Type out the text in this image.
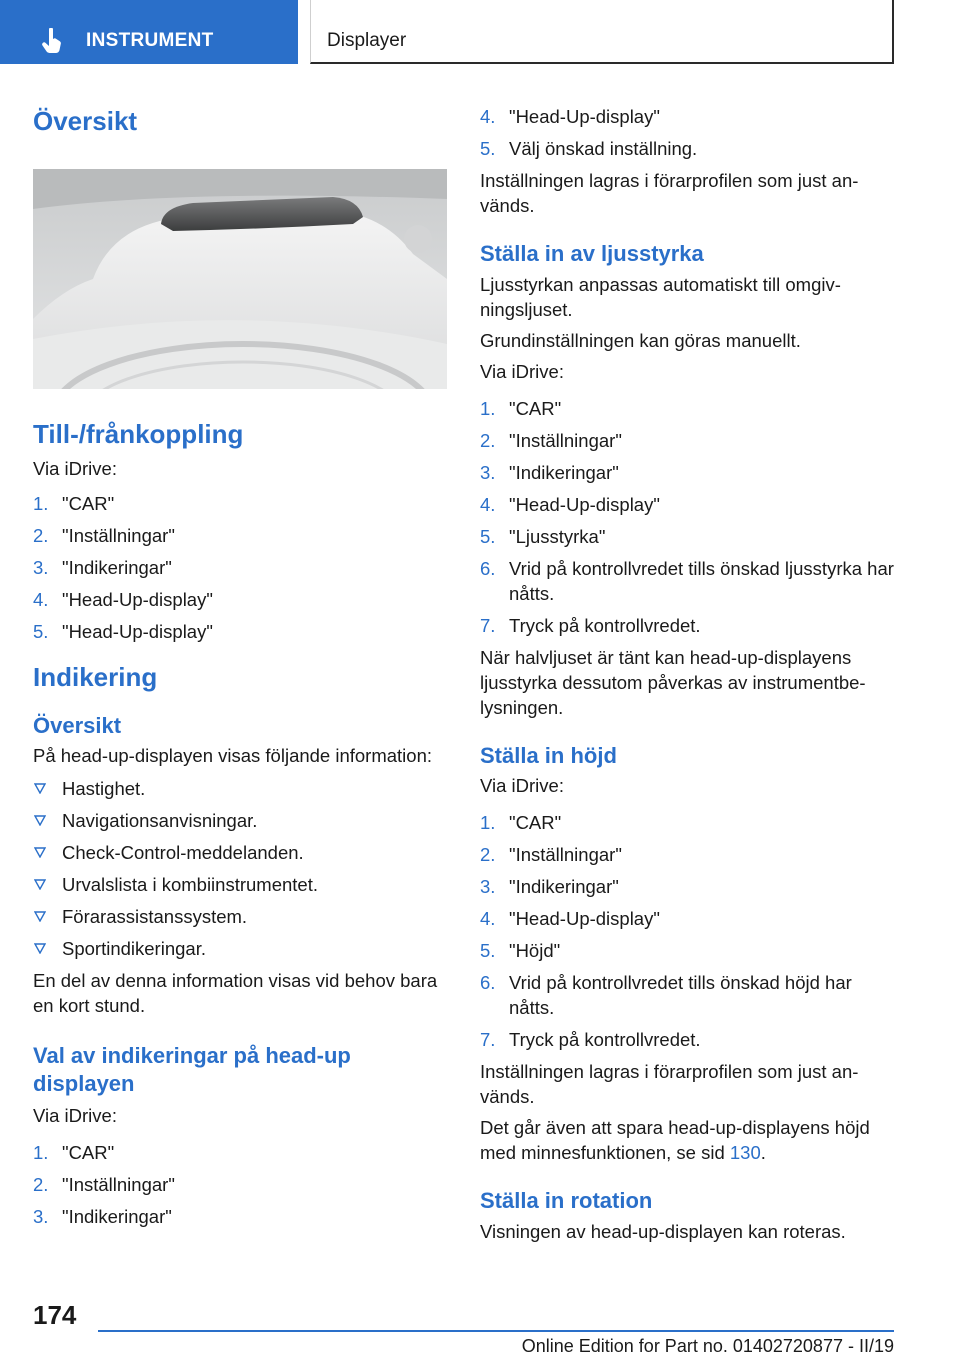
INSTRUMENT	Displayer
Översikt
Till-/frånkoppling

Via iDrive:

1. "CAR"
2. "Inställningar"
3. "Indikeringar"
4. "Head-Up-display"
5. "Head-Up-display"
Indikering
Översikt

På head-up-displayen visas följande information:

Hastighet.
Navigationsanvisningar.
Check-Control-meddelanden.
Urvalslista i kombiinstrumentet.
Förarassistanssystem.
Sportindikeringar.

En del av denna information visas vid behov bara en kort stund.

Val av indikeringar på head-up displayen

Via iDrive:

1. "CAR"
2. "Inställningar"
3. "Indikeringar"
4. "Head-Up-display"
5. Välj önskad inställning.

Inställningen lagras i förarprofilen som just används.

Ställa in av ljusstyrka

Ljusstyrkan anpassas automatiskt till omgivningsljuset.

Grundinställningen kan göras manuellt.

Via iDrive:

1. "CAR"
2. "Inställningar"
3. "Indikeringar"
4. "Head-Up-display"
5. "Ljusstyrka"
6. Vrid på kontrollvredet tills önskad ljusstyrka har nåtts.
7. Tryck på kontrollvredet.

När halvljuset är tänt kan head-up-displayens ljusstyrka dessutom påverkas av instrumentbelysningen.

Ställa in höjd

Via iDrive:

1. "CAR"
2. "Inställningar"
3. "Indikeringar"
4. "Head-Up-display"
5. "Höjd"
6. Vrid på kontrollvredet tills önskad höjd har nåtts.
7. Tryck på kontrollvredet.

Inställningen lagras i förarprofilen som just används.

Det går även att spara head-up-displayens höjd med minnesfunktionen, se sid 130.

Ställa in rotation

Visningen av head-up-displayen kan roteras.

174
Online Edition for Part no. 01402720877 - II/19
